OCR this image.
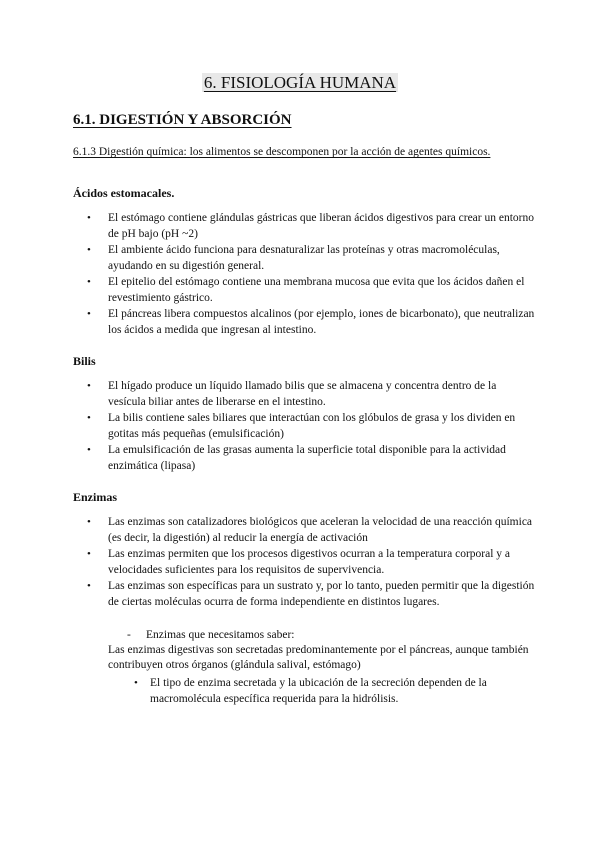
6. FISIOLOGÍA HUMANA
6.1. DIGESTIÓN Y ABSORCIÓN
6.1.3 Digestión química: los alimentos se descomponen por la acción de agentes químicos.
Ácidos estomacales.
• El estómago contiene glándulas gástricas que liberan ácidos digestivos para crear un entorno de pH bajo (pH ~2)
• El ambiente ácido funciona para desnaturalizar las proteínas y otras macromoléculas, ayudando en su digestión general.
• El epitelio del estómago contiene una membrana mucosa que evita que los ácidos dañen el revestimiento gástrico.
• El páncreas libera compuestos alcalinos (por ejemplo, iones de bicarbonato), que neutralizan los ácidos a medida que ingresan al intestino.
Bilis
• El hígado produce un líquido llamado bilis que se almacena y concentra dentro de la vesícula biliar antes de liberarse en el intestino.
• La bilis contiene sales biliares que interactúan con los glóbulos de grasa y los dividen en gotitas más pequeñas (emulsificación)
• La emulsificación de las grasas aumenta la superficie total disponible para la actividad enzimática (lipasa)
Enzimas
• Las enzimas son catalizadores biológicos que aceleran la velocidad de una reacción química (es decir, la digestión) al reducir la energía de activación
• Las enzimas permiten que los procesos digestivos ocurran a la temperatura corporal y a velocidades suficientes para los requisitos de supervivencia.
• Las enzimas son específicas para un sustrato y, por lo tanto, pueden permitir que la digestión de ciertas moléculas ocurra de forma independiente en distintos lugares.
- Enzimas que necesitamos saber:
Las enzimas digestivas son secretadas predominantemente por el páncreas, aunque también contribuyen otros órganos (glándula salival, estómago)
• El tipo de enzima secretada y la ubicación de la secreción dependen de la macromolécula específica requerida para la hidrólisis.
